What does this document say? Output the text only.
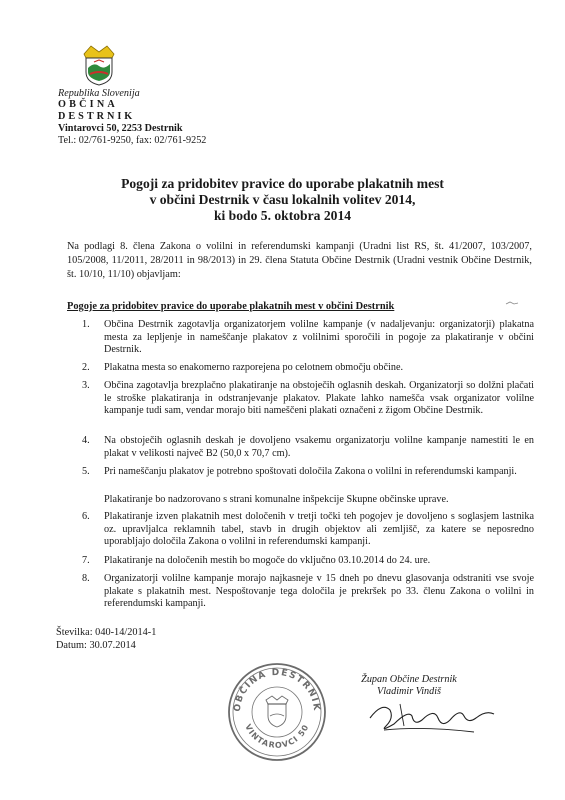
Republika Slovenija
OBČINA
DESTRNIK
Vintarovci 50, 2253 Destrnik
Tel.: 02/761-9250, fax: 02/761-9252
Pogoji za pridobitev pravice do uporabe plakatnih mest
v občini Destrnik v času lokalnih volitev 2014,
ki bodo 5. oktobra 2014
Na podlagi 8. člena Zakona o volilni in referendumski kampanji (Uradni list RS, št. 41/2007, 103/2007, 105/2008, 11/2011, 28/2011 in 98/2013) in 29. člena Statuta Občine Destrnik (Uradni vestnik Občine Destrnik, št. 10/10, 11/10) objavljam:
Pogoje za pridobitev pravice do uporabe plakatnih mest v občini Destrnik
1.	Občina Destrnik zagotavlja organizatorjem volilne kampanje (v nadaljevanju: organizatorji) plakatna mesta za lepljenje in nameščanje plakatov z volilnimi sporočili in pogoje za plakatiranje v občini Destrnik.
2.	Plakatna mesta so enakomerno razporejena po celotnem območju občine.
3.	Občina zagotavlja brezplačno plakatiranje na obstoječih oglasnih deskah. Organizatorji so dolžni plačati le stroške plakatiranja in odstranjevanje plakatov. Plakate lahko namešča vsak organizator volilne kampanje tudi sam, vendar morajo biti nameščeni plakati označeni z žigom Občine Destrnik.
4.	Na obstoječih oglasnih deskah je dovoljeno vsakemu organizatorju volilne kampanje namestiti le en plakat v velikosti največ B2 (50,0 x 70,7 cm).
5.	Pri nameščanju plakatov je potrebno spoštovati določila Zakona o volilni in referendumski kampanji.
Plakatiranje bo nadzorovano s strani komunalne inšpekcije Skupne občinske uprave.
6.	Plakatiranje izven plakatnih mest določenih v tretji točki teh pogojev je dovoljeno s soglasjem lastnika oz. upravljalca reklamnih tabel, stavb in drugih objektov ali zemljišč, za katere se neposredno uporabljajo določila Zakona o volilni in referendumski kampanji.
7.	Plakatiranje na določenih mestih bo mogoče do vključno 03.10.2014 do 24. ure.
8.	Organizatorji volilne kampanje morajo najkasneje v 15 dneh po dnevu glasovanja odstraniti vse svoje plakate s plakatnih mest. Nespoštovanje tega določila je prekršek po 33. členu Zakona o volilni in referendumski kampanji.
Številka: 040-14/2014-1
Datum: 30.07.2014
OBČINA DESTRNIK
VINTAROVCI 50
Župan Občine Destrnik
Vladimir Vindiš
